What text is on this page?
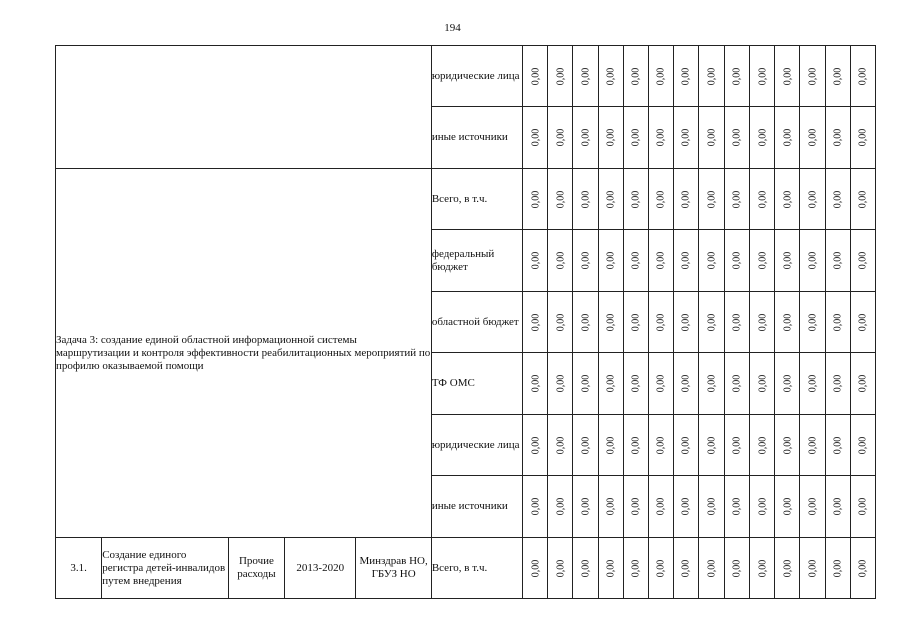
194
					юридические лица	0,00	0,00	0,00	0,00	0,00	0,00	0,00	0,00	0,00	0,00	0,00	0,00	0,00	0,00
					иные источники	0,00	0,00	0,00	0,00	0,00	0,00	0,00	0,00	0,00	0,00	0,00	0,00	0,00	0,00

Задача 3: создание единой областной информационной системы маршрутизации и контроля эффективности реабилитационных мероприятий по профилю оказываемой помощи					Всего, в т.ч.	0,00	0,00	0,00	0,00	0,00	0,00	0,00	0,00	0,00	0,00	0,00	0,00	0,00	0,00
					федеральный бюджет	0,00	0,00	0,00	0,00	0,00	0,00	0,00	0,00	0,00	0,00	0,00	0,00	0,00	0,00
					областной бюджет	0,00	0,00	0,00	0,00	0,00	0,00	0,00	0,00	0,00	0,00	0,00	0,00	0,00	0,00
					ТФ ОМС	0,00	0,00	0,00	0,00	0,00	0,00	0,00	0,00	0,00	0,00	0,00	0,00	0,00	0,00
					юридические лица	0,00	0,00	0,00	0,00	0,00	0,00	0,00	0,00	0,00	0,00	0,00	0,00	0,00	0,00
					иные источники	0,00	0,00	0,00	0,00	0,00	0,00	0,00	0,00	0,00	0,00	0,00	0,00	0,00	0,00
3.1.	Создание единого регистра детей-инвалидов путем внедрения	Прочие расходы	2013-2020	Минздрав НО, ГБУЗ НО	Всего, в т.ч.	0,00	0,00	0,00	0,00	0,00	0,00	0,00	0,00	0,00	0,00	0,00	0,00	0,00	0,00
